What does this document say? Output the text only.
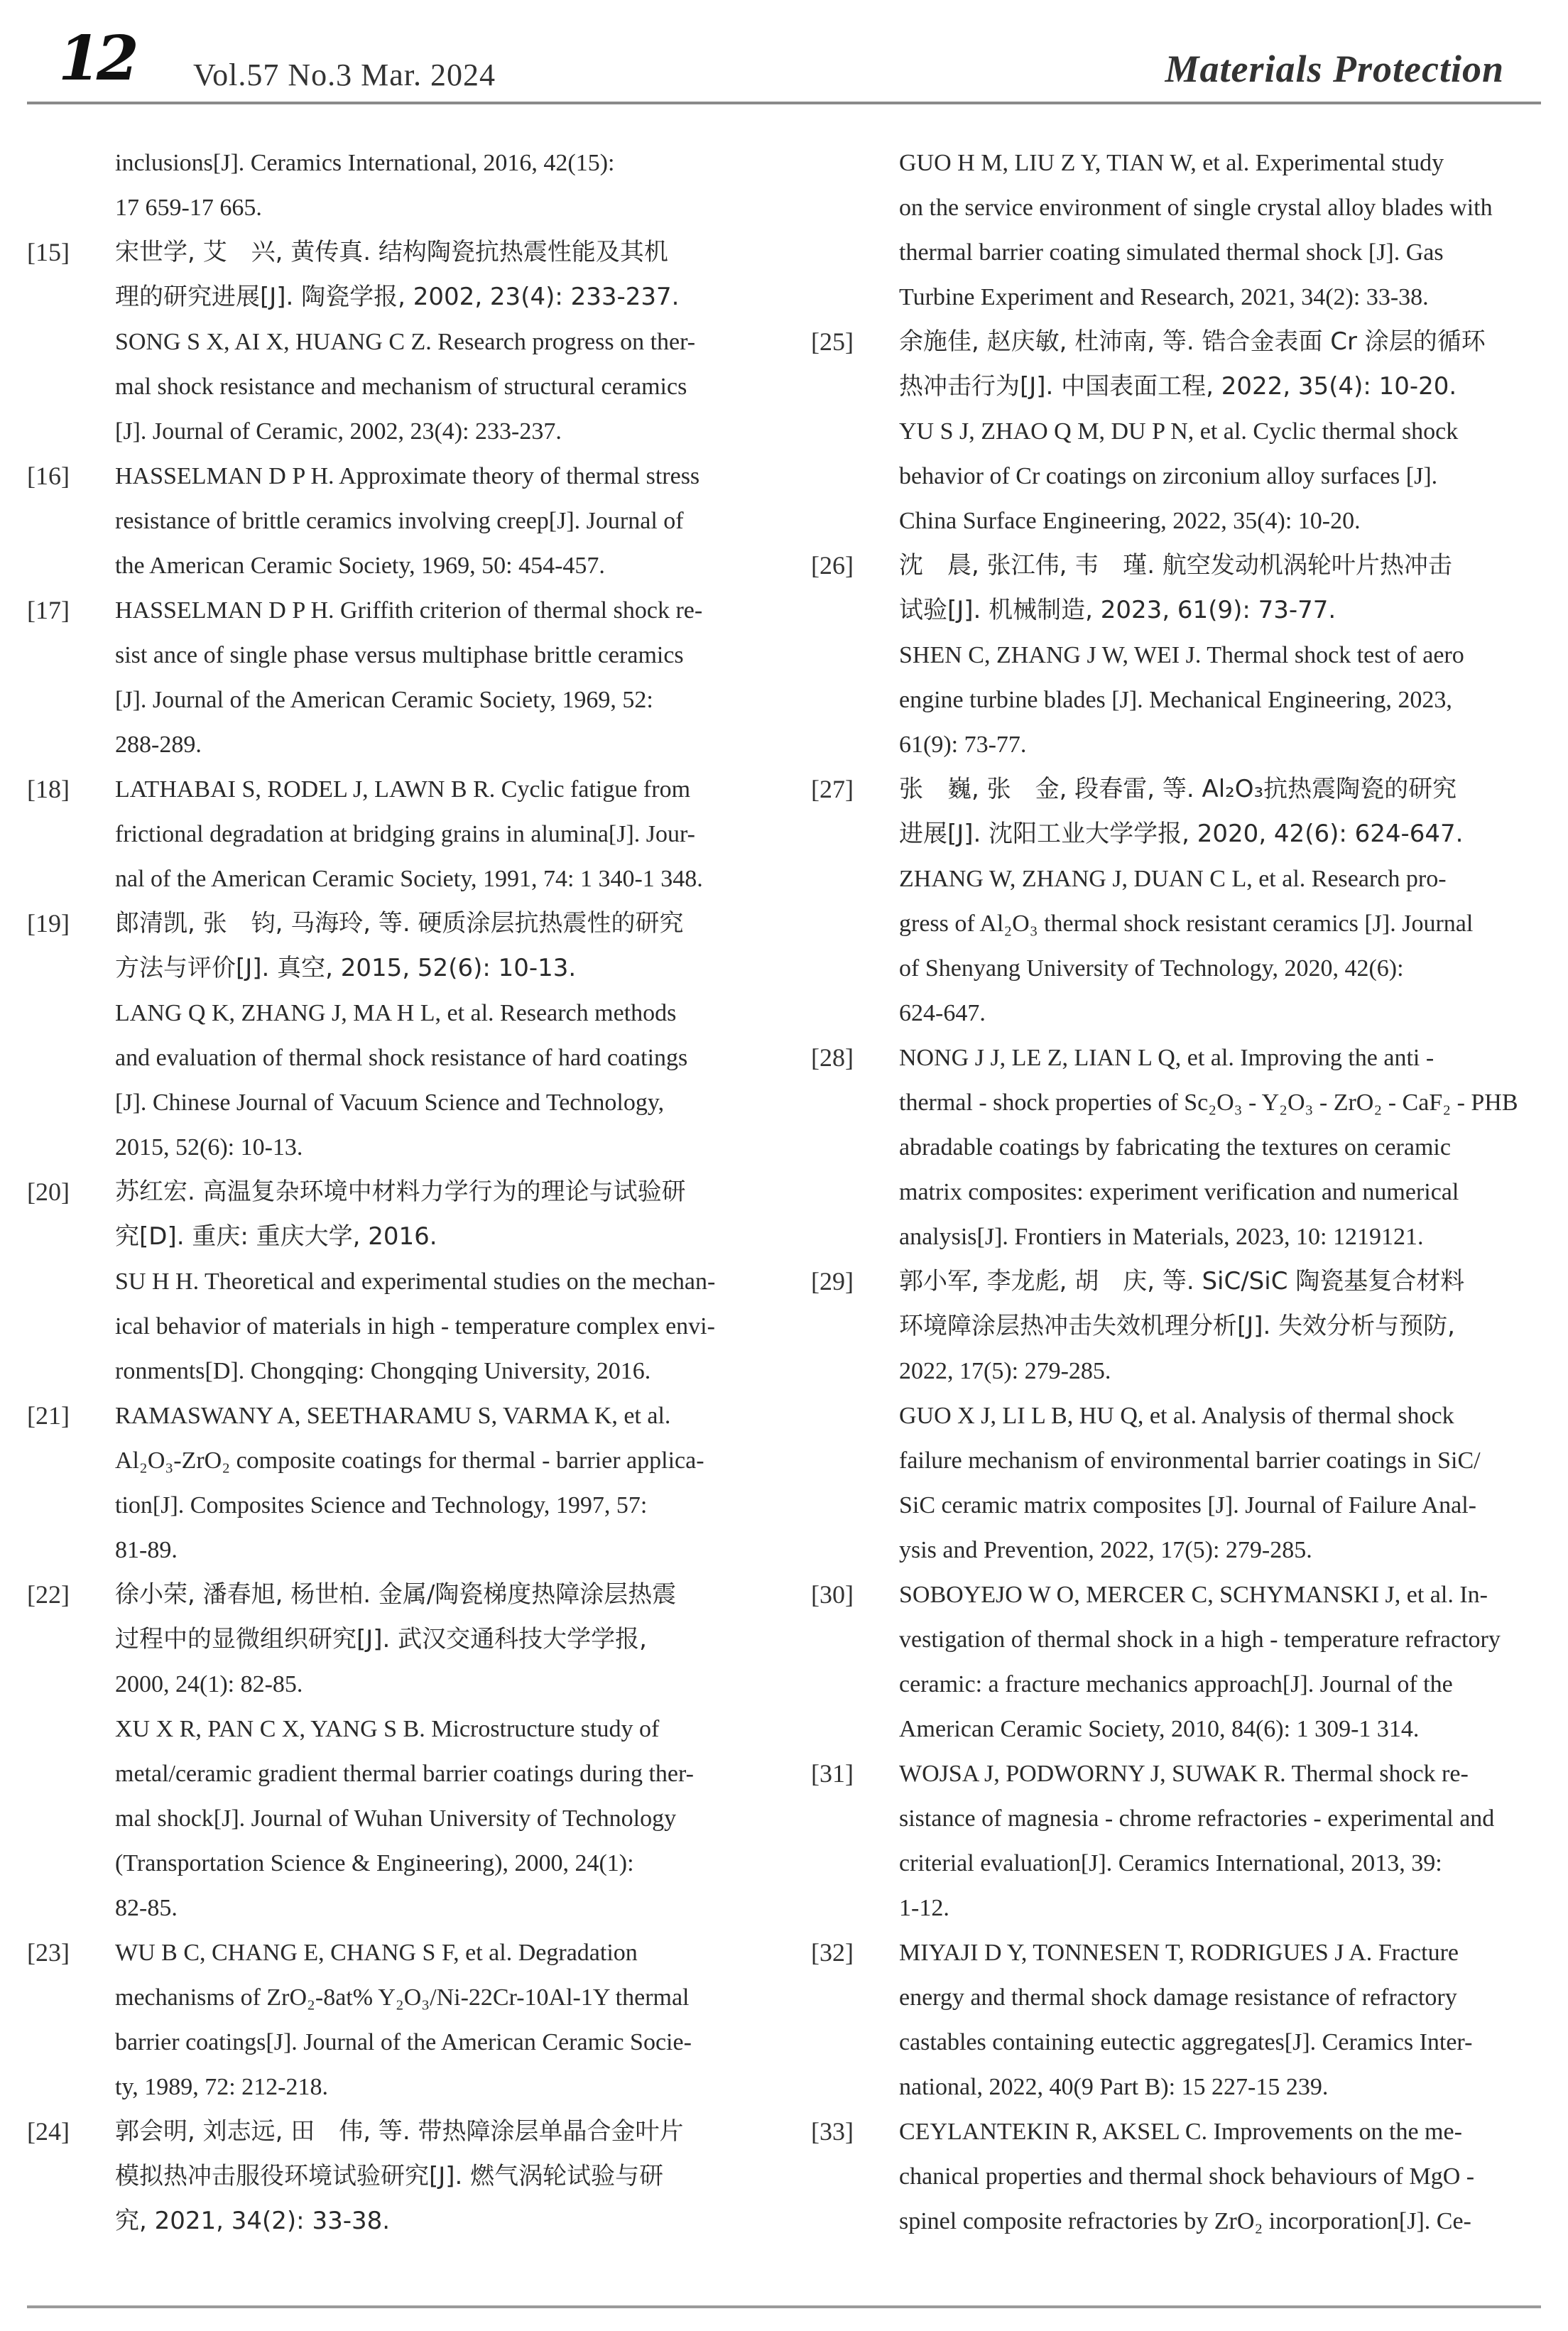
12 Vol.57 No.3 Mar. 2024	Materials Protection
inclusions[J]. Ceramics International, 2016, 42(15):
17 659-17 665.
[15]	宋世学, 艾　兴, 黄传真. 结构陶瓷抗热震性能及其机
理的研究进展[J]. 陶瓷学报, 2002, 23(4): 233-237.
SONG S X, AI X, HUANG C Z. Research progress on ther-
mal shock resistance and mechanism of structural ceramics
[J]. Journal of Ceramic, 2002, 23(4): 233-237.
[16]	HASSELMAN D P H. Approximate theory of thermal stress
resistance of brittle ceramics involving creep[J]. Journal of
the American Ceramic Society, 1969, 50: 454-457.
[17]	HASSELMAN D P H. Griffith criterion of thermal shock re-
sist ance of single phase versus multiphase brittle ceramics
[J]. Journal of the American Ceramic Society, 1969, 52:
288-289.
[18]	LATHABAI S, RODEL J, LAWN B R. Cyclic fatigue from
frictional degradation at bridging grains in alumina[J]. Jour-
nal of the American Ceramic Society, 1991, 74: 1 340-1 348.
[19]	郎清凯, 张　钧, 马海玲, 等. 硬质涂层抗热震性的研究
方法与评价[J]. 真空, 2015, 52(6): 10-13.
LANG Q K, ZHANG J, MA H L, et al. Research methods
and evaluation of thermal shock resistance of hard coatings
[J]. Chinese Journal of Vacuum Science and Technology,
2015, 52(6): 10-13.
[20]	苏红宏. 高温复杂环境中材料力学行为的理论与试验研
究[D]. 重庆: 重庆大学, 2016.
SU H H. Theoretical and experimental studies on the mechan-
ical behavior of materials in high - temperature complex envi-
ronments[D]. Chongqing: Chongqing University, 2016.
[21]	RAMASWANY A, SEETHARAMU S, VARMA K, et al.
Al₂O₃-ZrO₂ composite coatings for thermal - barrier applica-
tion[J]. Composites Science and Technology, 1997, 57:
81-89.
[22]	徐小荣, 潘春旭, 杨世柏. 金属/陶瓷梯度热障涂层热震
过程中的显微组织研究[J]. 武汉交通科技大学学报,
2000, 24(1): 82-85.
XU X R, PAN C X, YANG S B. Microstructure study of
metal/ceramic gradient thermal barrier coatings during ther-
mal shock[J]. Journal of Wuhan University of Technology
(Transportation Science & Engineering), 2000, 24(1):
82-85.
[23]	WU B C, CHANG E, CHANG S F, et al. Degradation
mechanisms of ZrO₂-8at% Y₂O₃/Ni-22Cr-10Al-1Y thermal
barrier coatings[J]. Journal of the American Ceramic Socie-
ty, 1989, 72: 212-218.
[24]	郭会明, 刘志远, 田　伟, 等. 带热障涂层单晶合金叶片
模拟热冲击服役环境试验研究[J]. 燃气涡轮试验与研
究, 2021, 34(2): 33-38.
GUO H M, LIU Z Y, TIAN W, et al. Experimental study
on the service environment of single crystal alloy blades with
thermal barrier coating simulated thermal shock [J]. Gas
Turbine Experiment and Research, 2021, 34(2): 33-38.
[25]	余施佳, 赵庆敏, 杜沛南, 等. 锆合金表面 Cr 涂层的循环
热冲击行为[J]. 中国表面工程, 2022, 35(4): 10-20.
YU S J, ZHAO Q M, DU P N, et al. Cyclic thermal shock
behavior of Cr coatings on zirconium alloy surfaces [J].
China Surface Engineering, 2022, 35(4): 10-20.
[26]	沈　晨, 张江伟, 韦　瑾. 航空发动机涡轮叶片热冲击
试验[J]. 机械制造, 2023, 61(9): 73-77.
SHEN C, ZHANG J W, WEI J. Thermal shock test of aero
engine turbine blades [J]. Mechanical Engineering, 2023,
61(9): 73-77.
[27]	张　巍, 张　金, 段春雷, 等. Al₂O₃抗热震陶瓷的研究
进展[J]. 沈阳工业大学学报, 2020, 42(6): 624-647.
ZHANG W, ZHANG J, DUAN C L, et al. Research pro-
gress of Al₂O₃ thermal shock resistant ceramics [J]. Journal
of Shenyang University of Technology, 2020, 42(6):
624-647.
[28]	NONG J J, LE Z, LIAN L Q, et al. Improving the anti -
thermal - shock properties of Sc₂O₃ - Y₂O₃ - ZrO₂ - CaF₂ - PHB
abradable coatings by fabricating the textures on ceramic
matrix composites: experiment verification and numerical
analysis[J]. Frontiers in Materials, 2023, 10: 1219121.
[29]	郭小军, 李龙彪, 胡　庆, 等. SiC/SiC 陶瓷基复合材料
环境障涂层热冲击失效机理分析[J]. 失效分析与预防,
2022, 17(5): 279-285.
GUO X J, LI L B, HU Q, et al. Analysis of thermal shock
failure mechanism of environmental barrier coatings in SiC/
SiC ceramic matrix composites [J]. Journal of Failure Anal-
ysis and Prevention, 2022, 17(5): 279-285.
[30]	SOBOYEJO W O, MERCER C, SCHYMANSKI J, et al. In-
vestigation of thermal shock in a high - temperature refractory
ceramic: a fracture mechanics approach[J]. Journal of the
American Ceramic Society, 2010, 84(6): 1 309-1 314.
[31]	WOJSA J, PODWORNY J, SUWAK R. Thermal shock re-
sistance of magnesia - chrome refractories - experimental and
criterial evaluation[J]. Ceramics International, 2013, 39:
1-12.
[32]	MIYAJI D Y, TONNESEN T, RODRIGUES J A. Fracture
energy and thermal shock damage resistance of refractory
castables containing eutectic aggregates[J]. Ceramics Inter-
national, 2022, 40(9 Part B): 15 227-15 239.
[33]	CEYLANTEKIN R, AKSEL C. Improvements on the me-
chanical properties and thermal shock behaviours of MgO -
spinel composite refractories by ZrO₂ incorporation[J]. Ce-
